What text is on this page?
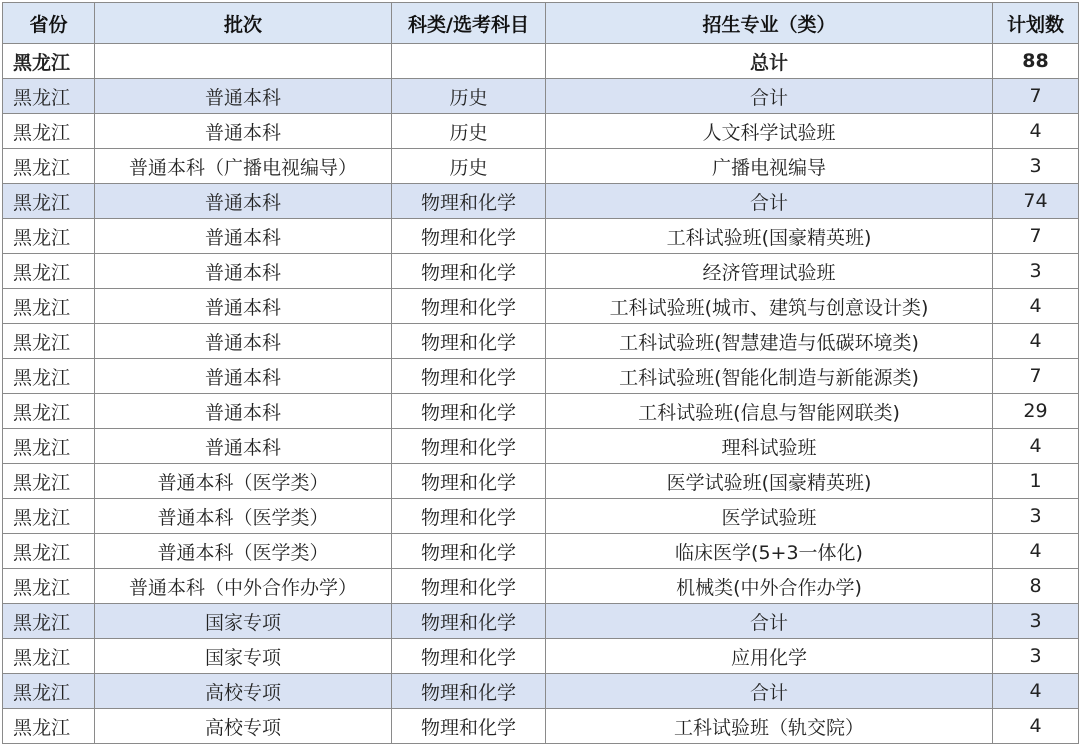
省份	批次	科类/选考科目	招生专业（类）	计划数
黑龙江			总计	88
黑龙江	普通本科	历史	合计	7
黑龙江	普通本科	历史	人文科学试验班	4
黑龙江	普通本科（广播电视编导）	历史	广播电视编导	3
黑龙江	普通本科	物理和化学	合计	74
黑龙江	普通本科	物理和化学	工科试验班(国豪精英班)	7
黑龙江	普通本科	物理和化学	经济管理试验班	3
黑龙江	普通本科	物理和化学	工科试验班(城市、建筑与创意设计类)	4
黑龙江	普通本科	物理和化学	工科试验班(智慧建造与低碳环境类)	4
黑龙江	普通本科	物理和化学	工科试验班(智能化制造与新能源类)	7
黑龙江	普通本科	物理和化学	工科试验班(信息与智能网联类)	29
黑龙江	普通本科	物理和化学	理科试验班	4
黑龙江	普通本科（医学类）	物理和化学	医学试验班(国豪精英班)	1
黑龙江	普通本科（医学类）	物理和化学	医学试验班	3
黑龙江	普通本科（医学类）	物理和化学	临床医学(5+3一体化)	4
黑龙江	普通本科（中外合作办学）	物理和化学	机械类(中外合作办学)	8
黑龙江	国家专项	物理和化学	合计	3
黑龙江	国家专项	物理和化学	应用化学	3
黑龙江	高校专项	物理和化学	合计	4
黑龙江	高校专项	物理和化学	工科试验班（轨交院）	4
